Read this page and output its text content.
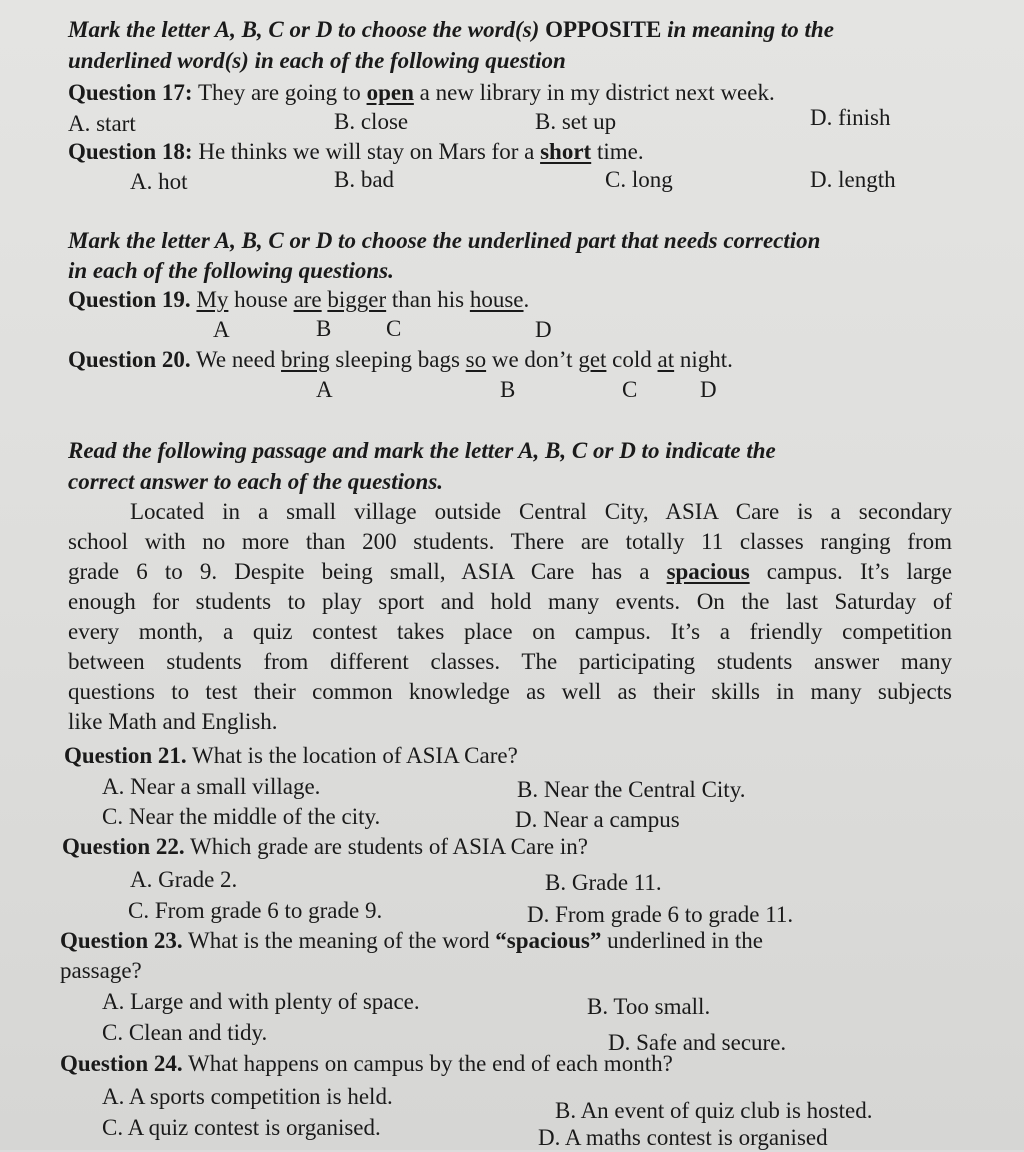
Mark the letter A, B, C or D to choose the word(s) OPPOSITE in meaning to the
underlined word(s) in each of the following question
Question 17: They are going to open a new library in my district next week.
A. start	B. close	B. set up	D. finish
Question 18: He thinks we will stay on Mars for a short time.
A. hot	B. bad	C. long	D. length
Mark the letter A, B, C or D to choose the underlined part that needs correction
in each of the following questions.
Question 19. My house are bigger than his house.
A	B C	D
Question 20. We need bring sleeping bags so we don’t get cold at night.
A	B	C	D
Read the following passage and mark the letter A, B, C or D to indicate the
correct answer to each of the questions.
Located in a small village outside Central City, ASIA Care is a secondary
school with no more than 200 students. There are totally 11 classes ranging from
grade 6 to 9. Despite being small, ASIA Care has a spacious campus. It’s large
enough for students to play sport and hold many events. On the last Saturday of
every month, a quiz contest takes place on campus. It’s a friendly competition
between students from different classes. The participating students answer many
questions to test their common knowledge as well as their skills in many subjects
like Math and English.
Question 21. What is the location of ASIA Care?
A. Near a small village.	B. Near the Central City.
C. Near the middle of the city.	D. Near a campus
Question 22. Which grade are students of ASIA Care in?
A. Grade 2.	B. Grade 11.
C. From grade 6 to grade 9.	D. From grade 6 to grade 11.
Question 23. What is the meaning of the word “spacious” underlined in the
passage?
A. Large and with plenty of space.	B. Too small.
C. Clean and tidy.	D. Safe and secure.
Question 24. What happens on campus by the end of each month?
A. A sports competition is held.
B. An event of quiz club is hosted.
C. A quiz contest is organised.	D. A maths contest is organised
